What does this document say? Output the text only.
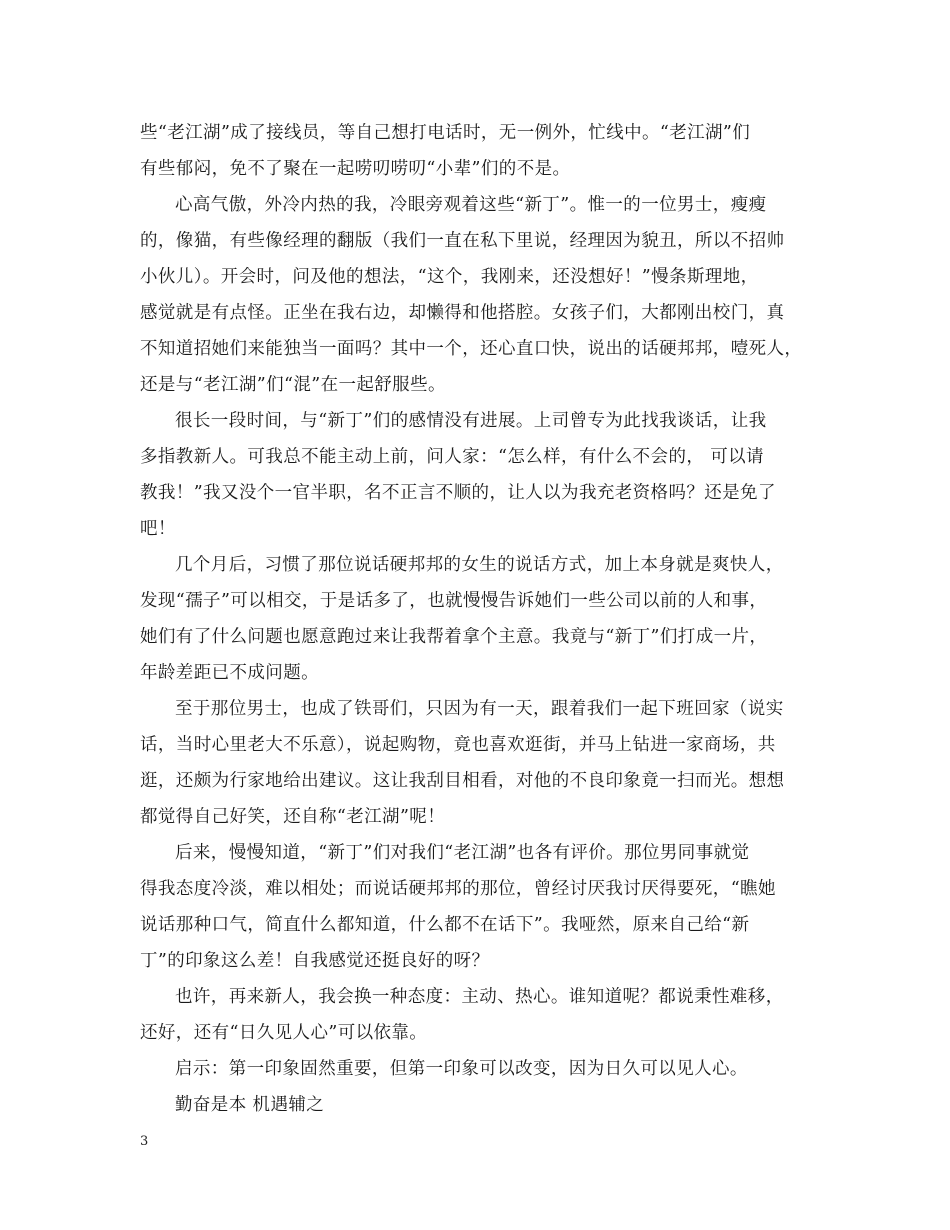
些“老江湖”成了接线员，等自己想打电话时，无一例外，忙线中。“老江湖”们
有些郁闷，免不了聚在一起唠叨唠叨“小辈”们的不是。
心高气傲，外冷内热的我，冷眼旁观着这些“新丁”。惟一的一位男士，瘦瘦
的，像猫，有些像经理的翻版（我们一直在私下里说，经理因为貌丑，所以不招帅
小伙儿）。开会时，问及他的想法，“这个，我刚来，还没想好！”慢条斯理地，
感觉就是有点怪。正坐在我右边，却懒得和他搭腔。女孩子们，大都刚出校门，真
不知道招她们来能独当一面吗？其中一个，还心直口快，说出的话硬邦邦，噎死人，
还是与“老江湖”们“混”在一起舒服些。
很长一段时间，与“新丁”们的感情没有进展。上司曾专为此找我谈话，让我
多指教新人。可我总不能主动上前，问人家：“怎么样，有什么不会的， 可以请
教我！”我又没个一官半职，名不正言不顺的，让人以为我充老资格吗？还是免了
吧！
几个月后，习惯了那位说话硬邦邦的女生的说话方式，加上本身就是爽快人，
发现“孺子”可以相交，于是话多了，也就慢慢告诉她们一些公司以前的人和事，
她们有了什么问题也愿意跑过来让我帮着拿个主意。我竟与“新丁”们打成一片，
年龄差距已不成问题。
至于那位男士，也成了铁哥们，只因为有一天，跟着我们一起下班回家（说实
话，当时心里老大不乐意），说起购物，竟也喜欢逛街，并马上钻进一家商场，共
逛，还颇为行家地给出建议。这让我刮目相看，对他的不良印象竟一扫而光。想想
都觉得自己好笑，还自称“老江湖”呢！
后来，慢慢知道，“新丁”们对我们“老江湖”也各有评价。那位男同事就觉
得我态度冷淡，难以相处；而说话硬邦邦的那位，曾经讨厌我讨厌得要死，“瞧她
说话那种口气，简直什么都知道，什么都不在话下”。我哑然，原来自己给“新
丁”的印象这么差！自我感觉还挺良好的呀？
也许，再来新人，我会换一种态度：主动、热心。谁知道呢？都说秉性难移，
还好，还有“日久见人心”可以依靠。
启示：第一印象固然重要，但第一印象可以改变，因为日久可以见人心。
勤奋是本 机遇辅之
3
